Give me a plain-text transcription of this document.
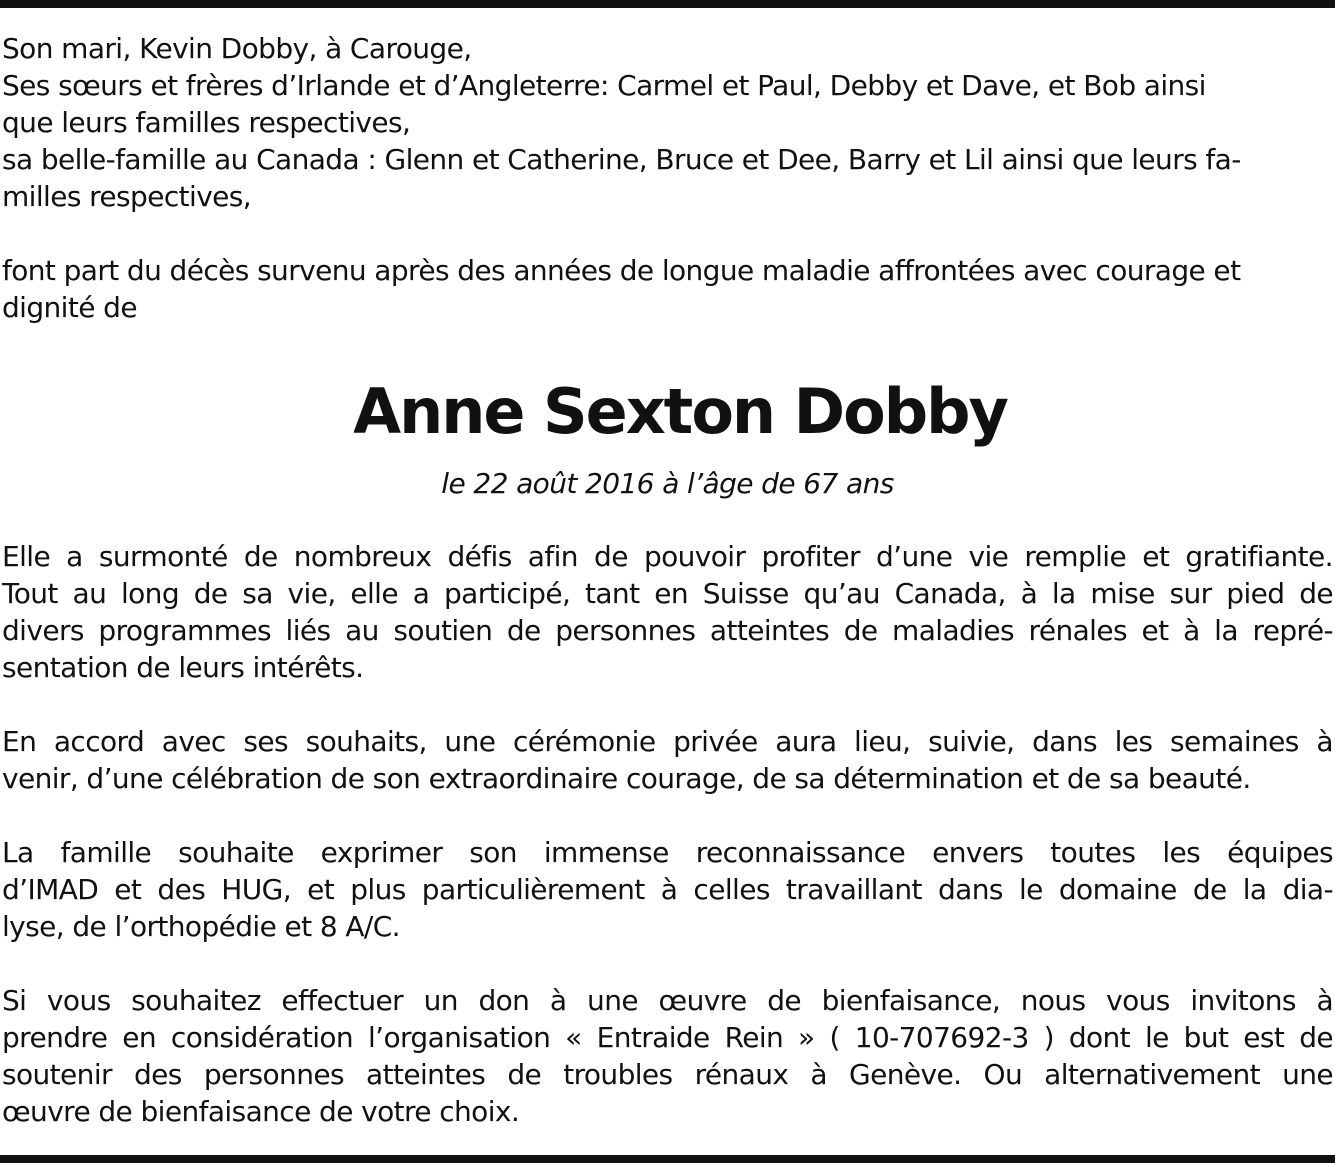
Son mari, Kevin Dobby, à Carouge,
Ses sœurs et frères d’Irlande et d’Angleterre: Carmel et Paul, Debby et Dave, et Bob ainsi
que leurs familles respectives,
sa belle-famille au Canada : Glenn et Catherine, Bruce et Dee, Barry et Lil ainsi que leurs fa-
milles respectives,
font part du décès survenu après des années de longue maladie affrontées avec courage et
dignité de
Anne Sexton Dobby
le 22 août 2016 à l’âge de 67 ans
Elle a surmonté de nombreux défis afin de pouvoir profiter d’une vie remplie et gratifiante.
Tout au long de sa vie, elle a participé, tant en Suisse qu’au Canada, à la mise sur pied de
divers programmes liés au soutien de personnes atteintes de maladies rénales et à la repré-
sentation de leurs intérêts.
En accord avec ses souhaits, une cérémonie privée aura lieu, suivie, dans les semaines à
venir, d’une célébration de son extraordinaire courage, de sa détermination et de sa beauté.
La famille souhaite exprimer son immense reconnaissance envers toutes les équipes
d’IMAD et des HUG, et plus particulièrement à celles travaillant dans le domaine de la dia-
lyse, de l’orthopédie et 8 A/C.
Si vous souhaitez effectuer un don à une œuvre de bienfaisance, nous vous invitons à
prendre en considération l’organisation « Entraide Rein » ( 10-707692-3 ) dont le but est de
soutenir des personnes atteintes de troubles rénaux à Genève. Ou alternativement une
œuvre de bienfaisance de votre choix.
